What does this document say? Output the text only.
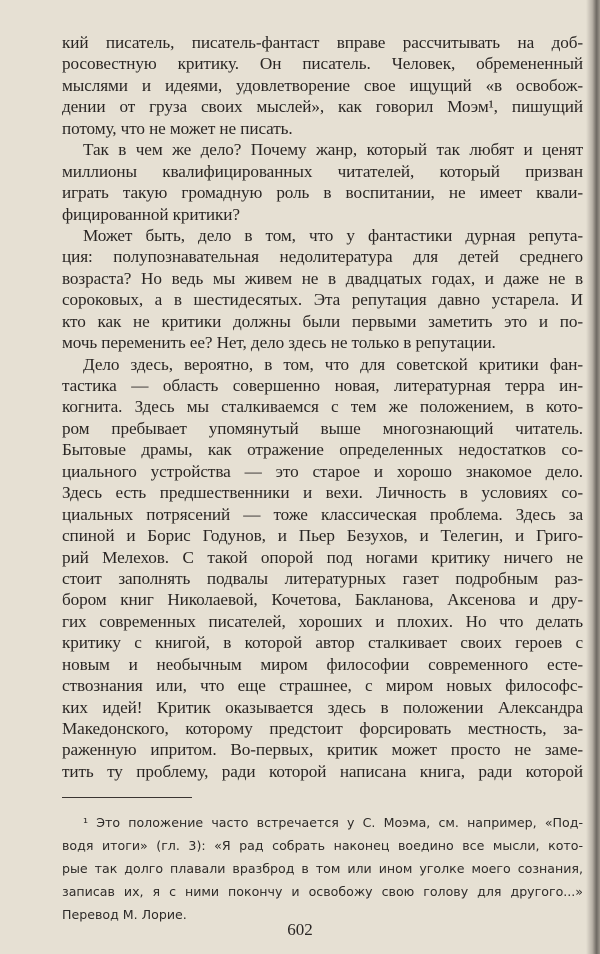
кий писатель, писатель-фантаст вправе рассчитывать на доб-
росовестную критику. Он писатель. Человек, обремененный
мыслями и идеями, удовлетворение свое ищущий «в освобож-
дении от груза своих мыслей», как говорил Моэм¹, пишущий
потому, что не может не писать.
Так в чем же дело? Почему жанр, который так любят и ценят
миллионы квалифицированных читателей, который призван
играть такую громадную роль в воспитании, не имеет квали-
фицированной критики?
Может быть, дело в том, что у фантастики дурная репута-
ция: полупознавательная недолитература для детей среднего
возраста? Но ведь мы живем не в двадцатых годах, и даже не в
сороковых, а в шестидесятых. Эта репутация давно устарела. И
кто как не критики должны были первыми заметить это и по-
мочь переменить ее? Нет, дело здесь не только в репутации.
Дело здесь, вероятно, в том, что для советской критики фан-
тастика — область совершенно новая, литературная терра ин-
когнита. Здесь мы сталкиваемся с тем же положением, в кото-
ром пребывает упомянутый выше многознающий читатель.
Бытовые драмы, как отражение определенных недостатков со-
циального устройства — это старое и хорошо знакомое дело.
Здесь есть предшественники и вехи. Личность в условиях со-
циальных потрясений — тоже классическая проблема. Здесь за
спиной и Борис Годунов, и Пьер Безухов, и Телегин, и Григо-
рий Мелехов. С такой опорой под ногами критику ничего не
стоит заполнять подвалы литературных газет подробным раз-
бором книг Николаевой, Кочетова, Бакланова, Аксенова и дру-
гих современных писателей, хороших и плохих. Но что делать
критику с книгой, в которой автор сталкивает своих героев с
новым и необычным миром философии современного есте-
ствознания или, что еще страшнее, с миром новых философс-
ких идей! Критик оказывается здесь в положении Александра
Македонского, которому предстоит форсировать местность, за-
раженную ипритом. Во-первых, критик может просто не заме-
тить ту проблему, ради которой написана книга, ради которой
¹ Это положение часто встречается у С. Моэма, см. например, «Под-
водя итоги» (гл. 3): «Я рад собрать наконец воедино все мысли, кото-
рые так долго плавали вразброд в том или ином уголке моего сознания,
записав их, я с ними покончу и освобожу свою голову для другого...»
Перевод М. Лорие.
602
